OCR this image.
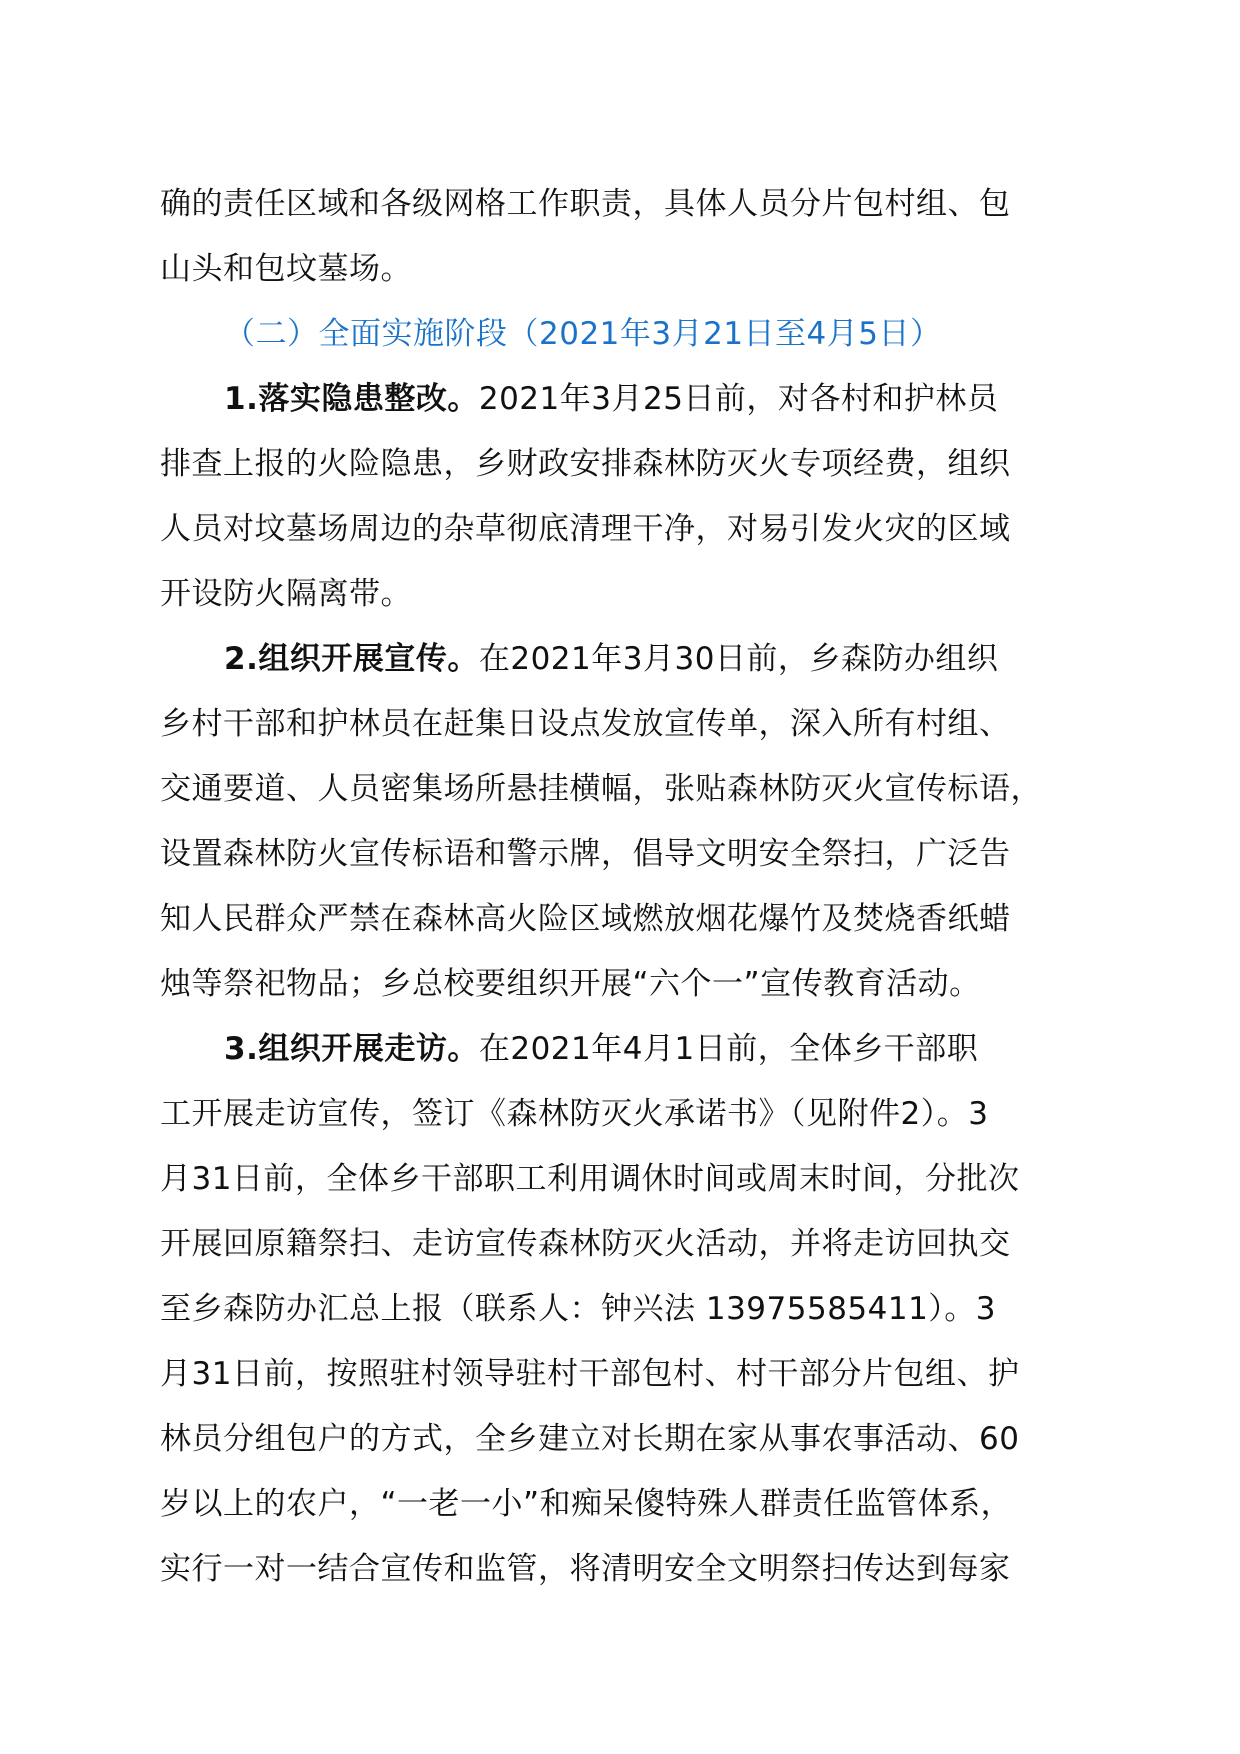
确的责任区域和各级网格工作职责，具体人员分片包村组、包
山头和包坟墓场。
（二）全面实施阶段（2021年3月21日至4月5日）
1.落实隐患整改。2021年3月25日前，对各村和护林员
排查上报的火险隐患，乡财政安排森林防灭火专项经费，组织
人员对坟墓场周边的杂草彻底清理干净，对易引发火灾的区域
开设防火隔离带。
2.组织开展宣传。在2021年3月30日前，乡森防办组织
乡村干部和护林员在赶集日设点发放宣传单，深入所有村组、
交通要道、人员密集场所悬挂横幅，张贴森林防灭火宣传标语，
设置森林防火宣传标语和警示牌，倡导文明安全祭扫，广泛告
知人民群众严禁在森林高火险区域燃放烟花爆竹及焚烧香纸蜡
烛等祭祀物品；乡总校要组织开展“六个一”宣传教育活动。
3.组织开展走访。在2021年4月1日前，全体乡干部职
工开展走访宣传，签订《森林防灭火承诺书》（见附件2）。3
月31日前，全体乡干部职工利用调休时间或周末时间，分批次
开展回原籍祭扫、走访宣传森林防灭火活动，并将走访回执交
至乡森防办汇总上报（联系人：钟兴法 13975585411）。3
月31日前，按照驻村领导驻村干部包村、村干部分片包组、护
林员分组包户的方式，全乡建立对长期在家从事农事活动、60
岁以上的农户，“一老一小”和痴呆傻特殊人群责任监管体系，
实行一对一结合宣传和监管，将清明安全文明祭扫传达到每家
